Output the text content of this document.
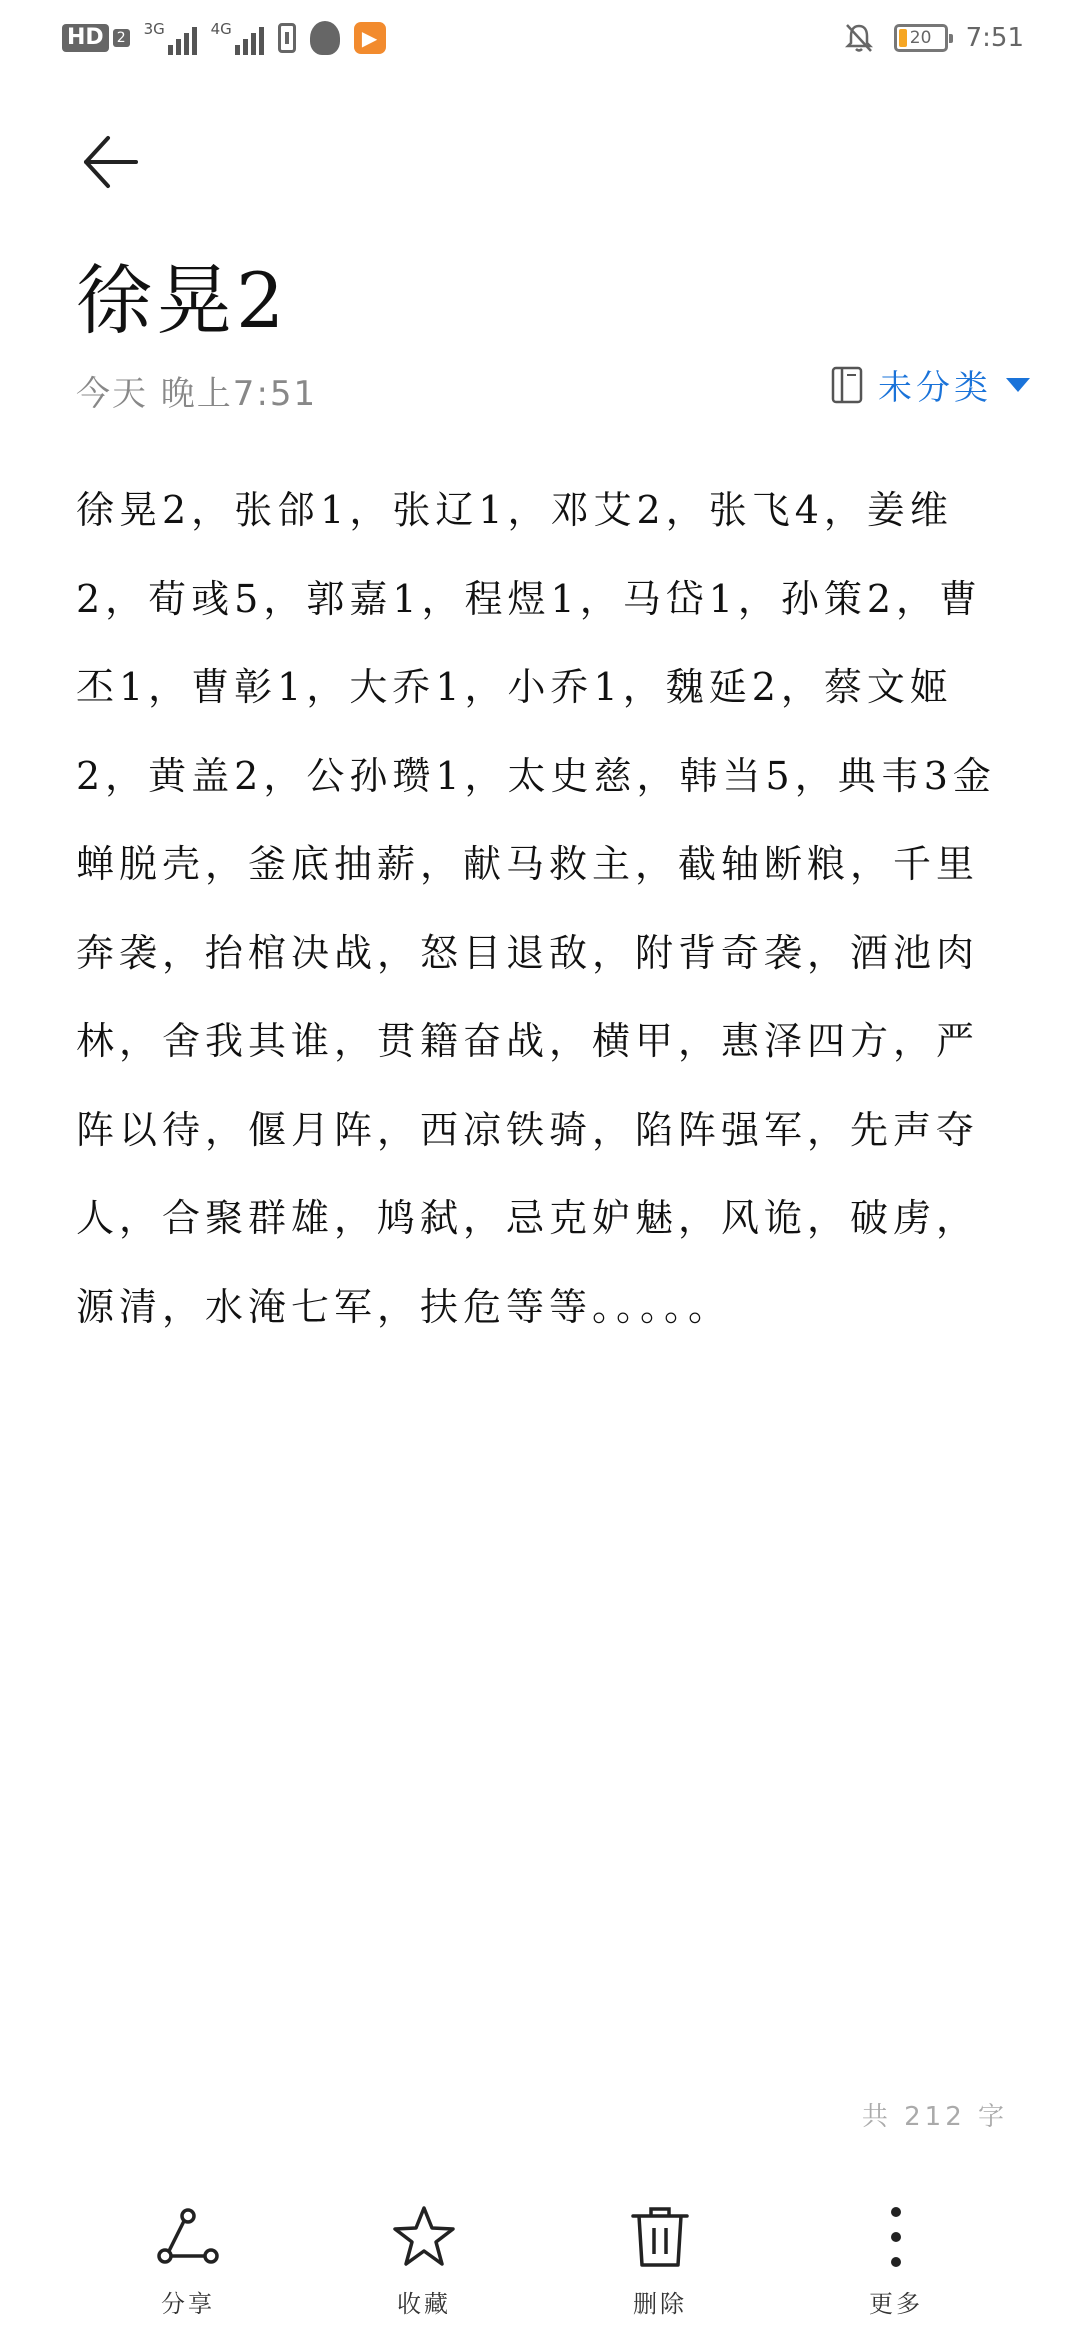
HD 2 3G	4G	▶	20 7:51
徐晃2
今天 晚上7:51	未分类

徐晃2，张郃1，张辽1，邓艾2，张飞4，姜维2，荀彧5，郭嘉1，程煜1，马岱1，孙策2，曹丕1，曹彰1，大乔1，小乔1，魏延2，蔡文姬2，黄盖2，公孙瓒1，太史慈，韩当5，典韦3金蝉脱壳，釜底抽薪，献马救主，截轴断粮，千里奔袭，抬棺决战，怒目退敌，附背奇袭，酒池肉林，舍我其谁，贯籍奋战，横甲，惠泽四方，严阵以待，偃月阵，西凉铁骑，陷阵强军，先声夺人，合聚群雄，鸠弑，忌克妒魅，风诡，破虏，源清，水淹七军，扶危等等。。。。。

共 212 字
分享	收藏	删除	更多
